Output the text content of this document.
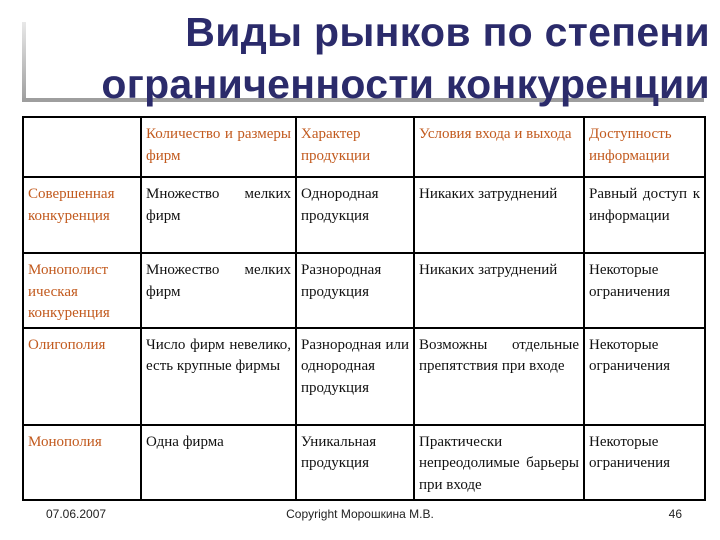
Виды рынков по степени
ограниченности конкуренции
	Количество и размеры фирм	Характер продукции	Условия входа и выхода	Доступность информации
Совершенная конкуренция	Множество мелких фирм	Однородная продукция	Никаких затруднений	Равный доступ к информации
Монополист ическая конкуренция	Множество мелких фирм	Разнородная продукция	Никаких затруднений	Некоторые ограничения
Олигополия	Число фирм невелико, есть крупные фирмы	Разнородная или однородная продукция	Возможны отдельные препятствия при входе	Некоторые ограничения
Монополия	Одна фирма	Уникальная продукция	Практически непреодолимые барьеры при входе	Некоторые ограничения
07.06.2007	Copyright Морошкина М.В.	46
